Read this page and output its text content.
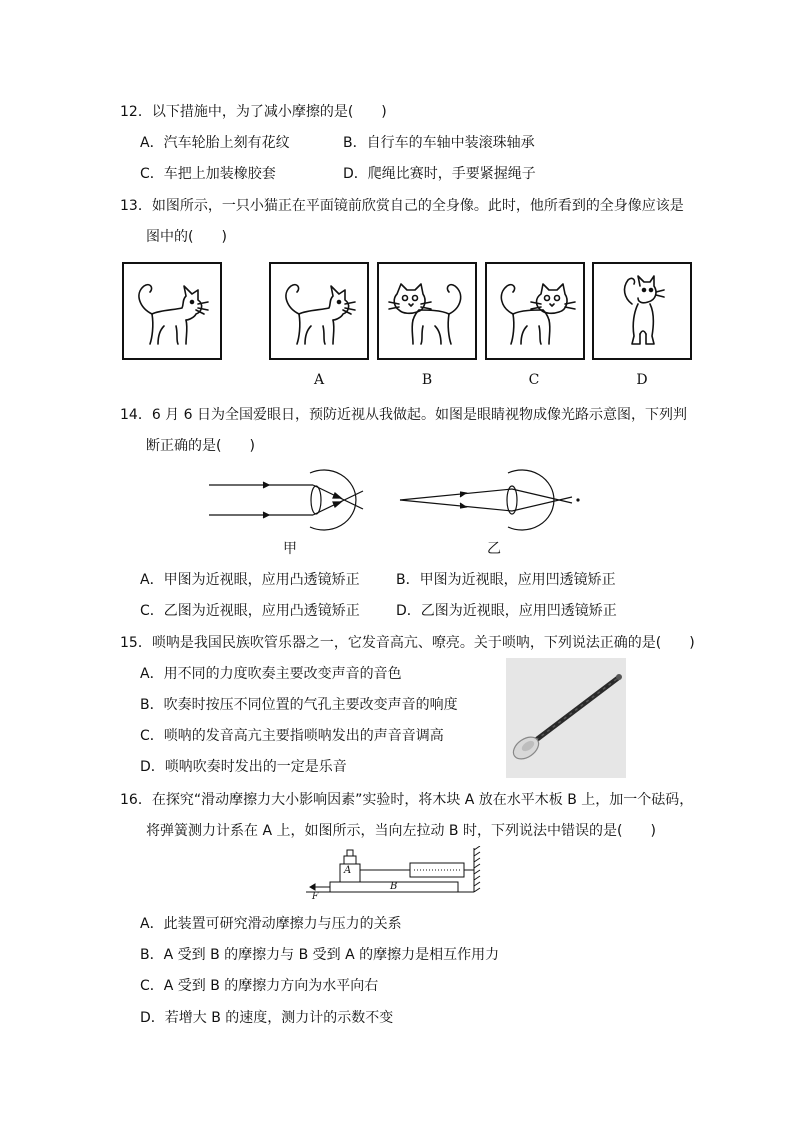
12．以下措施中，为了减小摩擦的是(　　)
A．汽车轮胎上刻有花纹	B．自行车的车轴中装滚珠轴承
C．车把上加装橡胶套	D．爬绳比赛时，手要紧握绳子
13．如图所示，一只小猫正在平面镜前欣赏自己的全身像。此时，他所看到的全身像应该是
图中的(　　)
A	B	C	D
14．6 月 6 日为全国爱眼日，预防近视从我做起。如图是眼睛视物成像光路示意图，下列判
断正确的是(　　)
甲	乙
A．甲图为近视眼，应用凸透镜矫正	B．甲图为近视眼，应用凹透镜矫正
C．乙图为近视眼，应用凸透镜矫正	D．乙图为近视眼，应用凹透镜矫正
15．唢呐是我国民族吹管乐器之一，它发音高亢、嘹亮。关于唢呐，下列说法正确的是(　　)
A．用不同的力度吹奏主要改变声音的音色
B．吹奏时按压不同位置的气孔主要改变声音的响度
C．唢呐的发音高亢主要指唢呐发出的声音音调高
D．唢呐吹奏时发出的一定是乐音
16．在探究“滑动摩擦力大小影响因素”实验时，将木块 A 放在水平木板 B 上，加一个砝码，
将弹簧测力计系在 A 上，如图所示，当向左拉动 B 时，下列说法中错误的是(　　)
A
B
F
A．此装置可研究滑动摩擦力与压力的关系
B．A 受到 B 的摩擦力与 B 受到 A 的摩擦力是相互作用力
C．A 受到 B 的摩擦力方向为水平向右
D．若增大 B 的速度，测力计的示数不变
